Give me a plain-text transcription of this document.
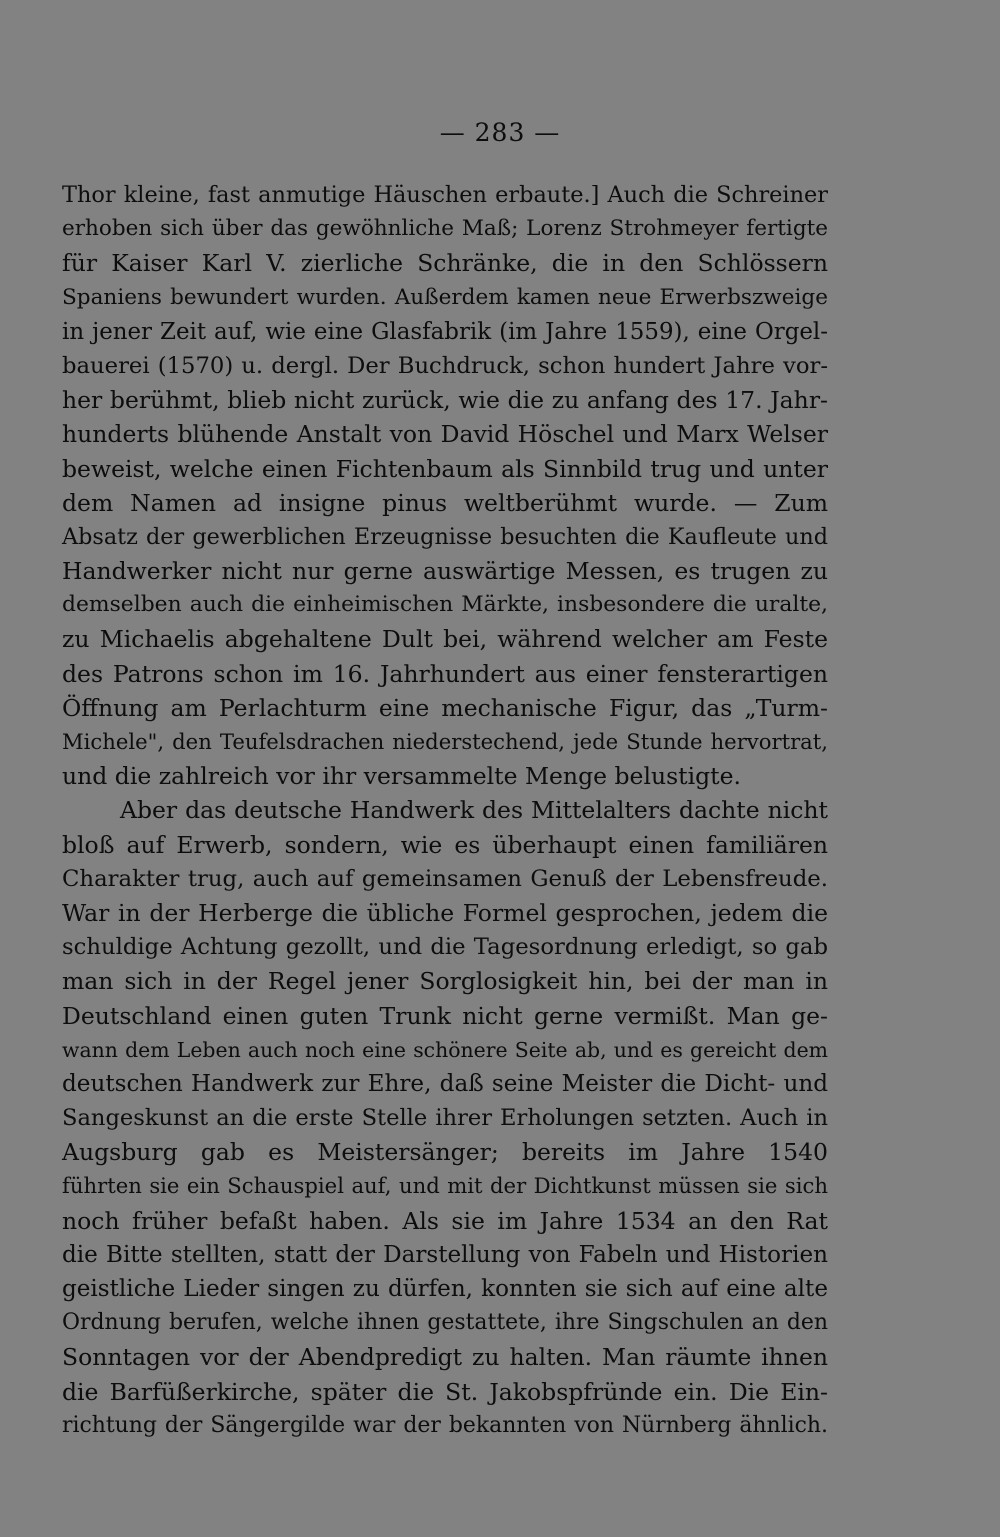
— 283 —
Thor kleine, fast anmutige Häuschen erbaute.] Auch die Schreiner
erhoben sich über das gewöhnliche Maß; Lorenz Strohmeyer fertigte
für Kaiser Karl V. zierliche Schränke, die in den Schlössern
Spaniens bewundert wurden. Außerdem kamen neue Erwerbszweige
in jener Zeit auf, wie eine Glasfabrik (im Jahre 1559), eine Orgel-
bauerei (1570) u. dergl. Der Buchdruck, schon hundert Jahre vor-
her berühmt, blieb nicht zurück, wie die zu anfang des 17. Jahr-
hunderts blühende Anstalt von David Höschel und Marx Welser
beweist, welche einen Fichtenbaum als Sinnbild trug und unter
dem Namen ad insigne pinus weltberühmt wurde. — Zum
Absatz der gewerblichen Erzeugnisse besuchten die Kaufleute und
Handwerker nicht nur gerne auswärtige Messen, es trugen zu
demselben auch die einheimischen Märkte, insbesondere die uralte,
zu Michaelis abgehaltene Dult bei, während welcher am Feste
des Patrons schon im 16. Jahrhundert aus einer fensterartigen
Öffnung am Perlachturm eine mechanische Figur, das „Turm-
Michele", den Teufelsdrachen niederstechend, jede Stunde hervortrat,
und die zahlreich vor ihr versammelte Menge belustigte.
Aber das deutsche Handwerk des Mittelalters dachte nicht
bloß auf Erwerb, sondern, wie es überhaupt einen familiären
Charakter trug, auch auf gemeinsamen Genuß der Lebensfreude.
War in der Herberge die übliche Formel gesprochen, jedem die
schuldige Achtung gezollt, und die Tagesordnung erledigt, so gab
man sich in der Regel jener Sorglosigkeit hin, bei der man in
Deutschland einen guten Trunk nicht gerne vermißt. Man ge-
wann dem Leben auch noch eine schönere Seite ab, und es gereicht dem
deutschen Handwerk zur Ehre, daß seine Meister die Dicht- und
Sangeskunst an die erste Stelle ihrer Erholungen setzten. Auch in
Augsburg gab es Meistersänger; bereits im Jahre 1540
führten sie ein Schauspiel auf, und mit der Dichtkunst müssen sie sich
noch früher befaßt haben. Als sie im Jahre 1534 an den Rat
die Bitte stellten, statt der Darstellung von Fabeln und Historien
geistliche Lieder singen zu dürfen, konnten sie sich auf eine alte
Ordnung berufen, welche ihnen gestattete, ihre Singschulen an den
Sonntagen vor der Abendpredigt zu halten. Man räumte ihnen
die Barfüßerkirche, später die St. Jakobspfründe ein. Die Ein-
richtung der Sängergilde war der bekannten von Nürnberg ähnlich.
